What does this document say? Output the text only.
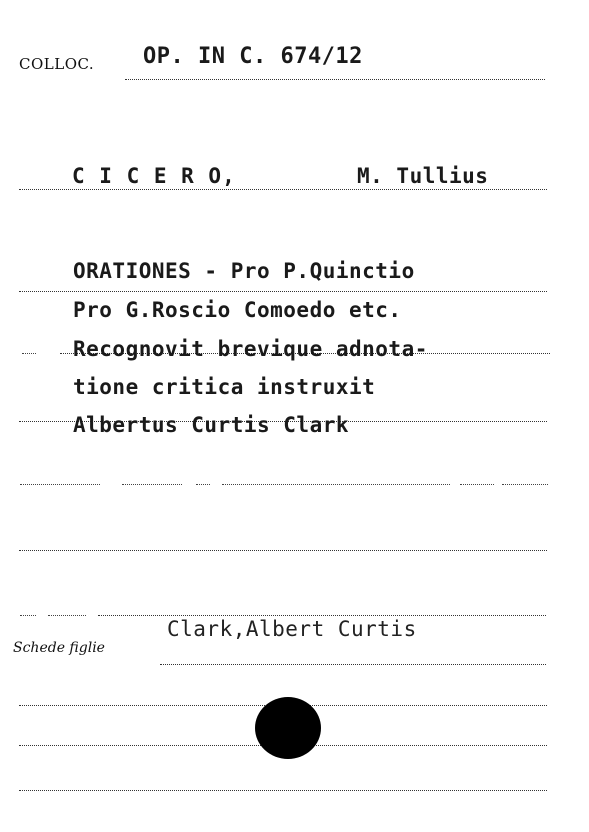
COLLOC. OP. IN C. 674/12
C I C E R O,	M. Tullius
ORATIONES - Pro P.Quinctio
Pro G.Roscio Comoedo etc.
Recognovit brevique adnota-
tione critica instruxit
Albertus Curtis Clark
Clark,Albert Curtis
Schede figlie
